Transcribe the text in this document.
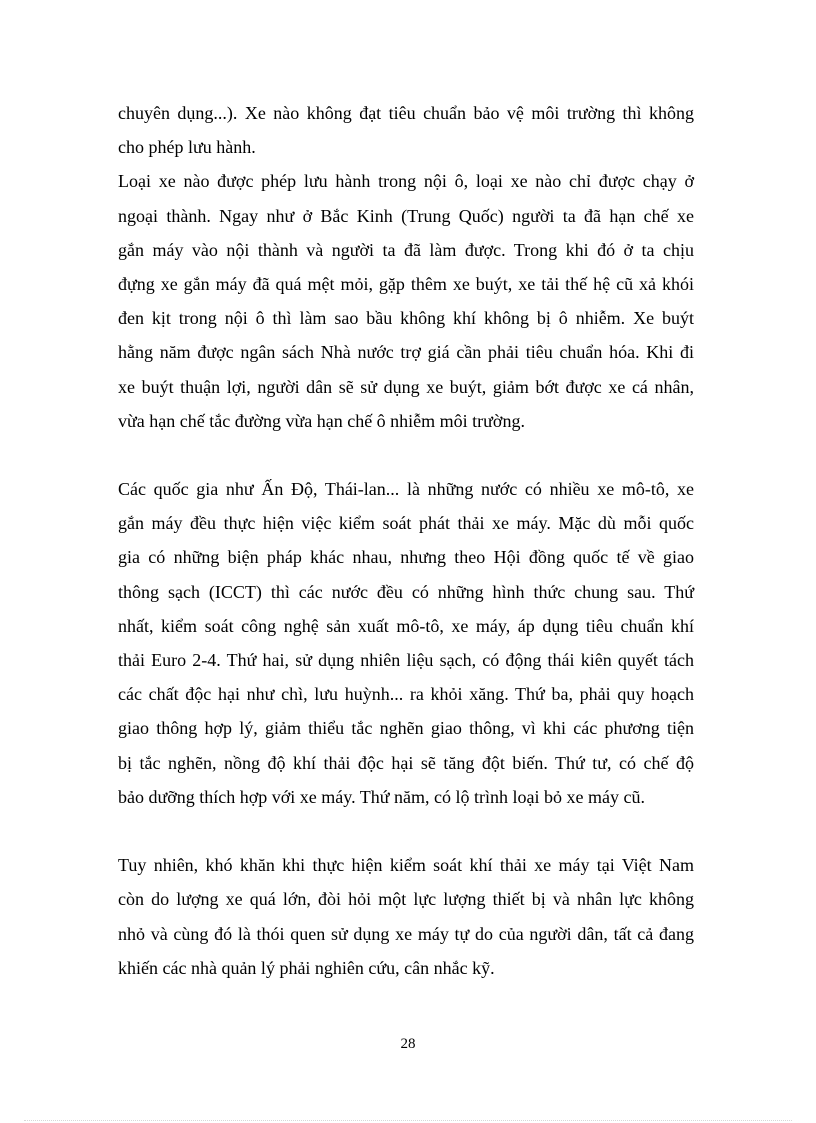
chuyên dụng...). Xe nào không đạt tiêu chuẩn bảo vệ môi trường thì không
cho phép lưu hành.
Loại xe nào được phép lưu hành trong nội ô, loại xe nào chỉ được chạy ở
ngoại thành. Ngay như ở Bắc Kinh (Trung Quốc) người ta đã hạn chế xe
gắn máy vào nội thành và người ta đã làm được. Trong khi đó ở ta chịu
đựng xe gắn máy đã quá mệt mỏi, gặp thêm xe buýt, xe tải thế hệ cũ xả khói
đen kịt trong nội ô thì làm sao bầu không khí không bị ô nhiễm. Xe buýt
hằng năm được ngân sách Nhà nước trợ giá cần phải tiêu chuẩn hóa. Khi đi
xe buýt thuận lợi, người dân sẽ sử dụng xe buýt, giảm bớt được xe cá nhân,
vừa hạn chế tắc đường vừa hạn chế ô nhiễm môi trường.
Các quốc gia như Ấn Độ, Thái-lan... là những nước có nhiều xe mô-tô, xe
gắn máy đều thực hiện việc kiểm soát phát thải xe máy. Mặc dù mỗi quốc
gia có những biện pháp khác nhau, nhưng theo Hội đồng quốc tế về giao
thông sạch (ICCT) thì các nước đều có những hình thức chung sau. Thứ
nhất, kiểm soát công nghệ sản xuất mô-tô, xe máy, áp dụng tiêu chuẩn khí
thải Euro 2-4. Thứ hai, sử dụng nhiên liệu sạch, có động thái kiên quyết tách
các chất độc hại như chì, lưu huỳnh... ra khỏi xăng. Thứ ba, phải quy hoạch
giao thông hợp lý, giảm thiểu tắc nghẽn giao thông, vì khi các phương tiện
bị tắc nghẽn, nồng độ khí thải độc hại sẽ tăng đột biến. Thứ tư, có chế độ
bảo dưỡng thích hợp với xe máy. Thứ năm, có lộ trình loại bỏ xe máy cũ.
Tuy nhiên, khó khăn khi thực hiện kiểm soát khí thải xe máy tại Việt Nam
còn do lượng xe quá lớn, đòi hỏi một lực lượng thiết bị và nhân lực không
nhỏ và cùng đó là thói quen sử dụng xe máy tự do của người dân, tất cả đang
khiến các nhà quản lý phải nghiên cứu, cân nhắc kỹ.
28
